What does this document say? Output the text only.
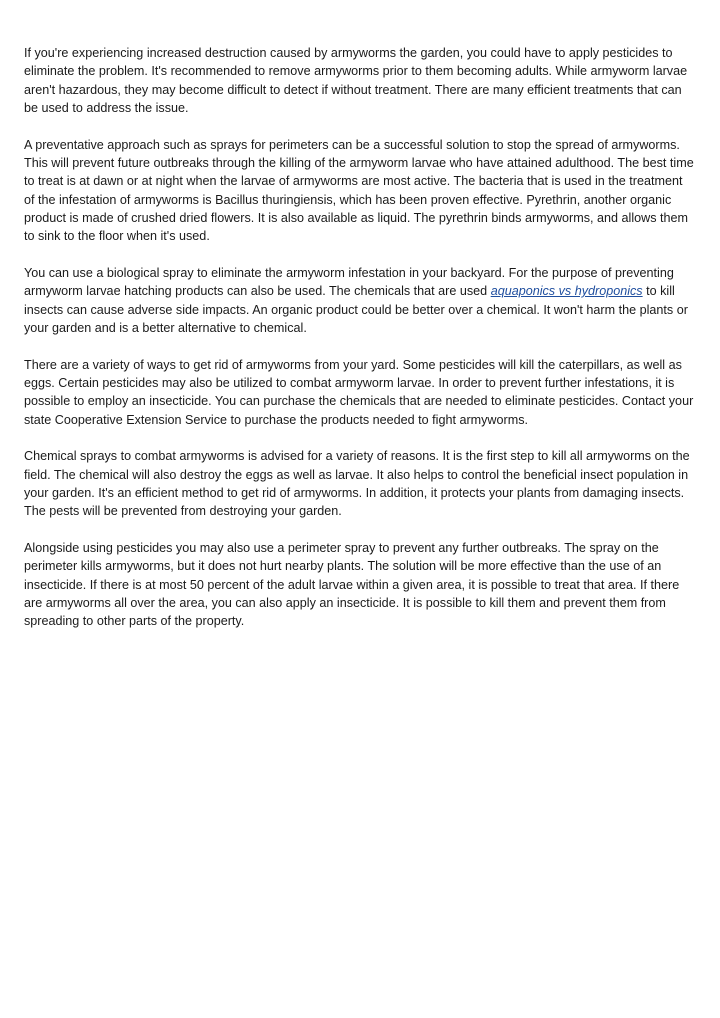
If you're experiencing increased destruction caused by armyworms the garden, you could have to apply pesticides to eliminate the problem. It's recommended to remove armyworms prior to them becoming adults. While armyworm larvae aren't hazardous, they may become difficult to detect if without treatment. There are many efficient treatments that can be used to address the issue.

A preventative approach such as sprays for perimeters can be a successful solution to stop the spread of armyworms. This will prevent future outbreaks through the killing of the armyworm larvae who have attained adulthood. The best time to treat is at dawn or at night when the larvae of armyworms are most active. The bacteria that is used in the treatment of the infestation of armyworms is Bacillus thuringiensis, which has been proven effective. Pyrethrin, another organic product is made of crushed dried flowers. It is also available as liquid. The pyrethrin binds armyworms, and allows them to sink to the floor when it's used.

You can use a biological spray to eliminate the armyworm infestation in your backyard. For the purpose of preventing armyworm larvae hatching products can also be used. The chemicals that are used aquaponics vs hydroponics to kill insects can cause adverse side impacts. An organic product could be better over a chemical. It won't harm the plants or your garden and is a better alternative to chemical.

There are a variety of ways to get rid of armyworms from your yard. Some pesticides will kill the caterpillars, as well as eggs. Certain pesticides may also be utilized to combat armyworm larvae. In order to prevent further infestations, it is possible to employ an insecticide. You can purchase the chemicals that are needed to eliminate pesticides. Contact your state Cooperative Extension Service to purchase the products needed to fight armyworms.

Chemical sprays to combat armyworms is advised for a variety of reasons. It is the first step to kill all armyworms on the field. The chemical will also destroy the eggs as well as larvae. It also helps to control the beneficial insect population in your garden. It's an efficient method to get rid of armyworms. In addition, it protects your plants from damaging insects. The pests will be prevented from destroying your garden.

Alongside using pesticides you may also use a perimeter spray to prevent any further outbreaks. The spray on the perimeter kills armyworms, but it does not hurt nearby plants. The solution will be more effective than the use of an insecticide. If there is at most 50 percent of the adult larvae within a given area, it is possible to treat that area. If there are armyworms all over the area, you can also apply an insecticide. It is possible to kill them and prevent them from spreading to other parts of the property.
